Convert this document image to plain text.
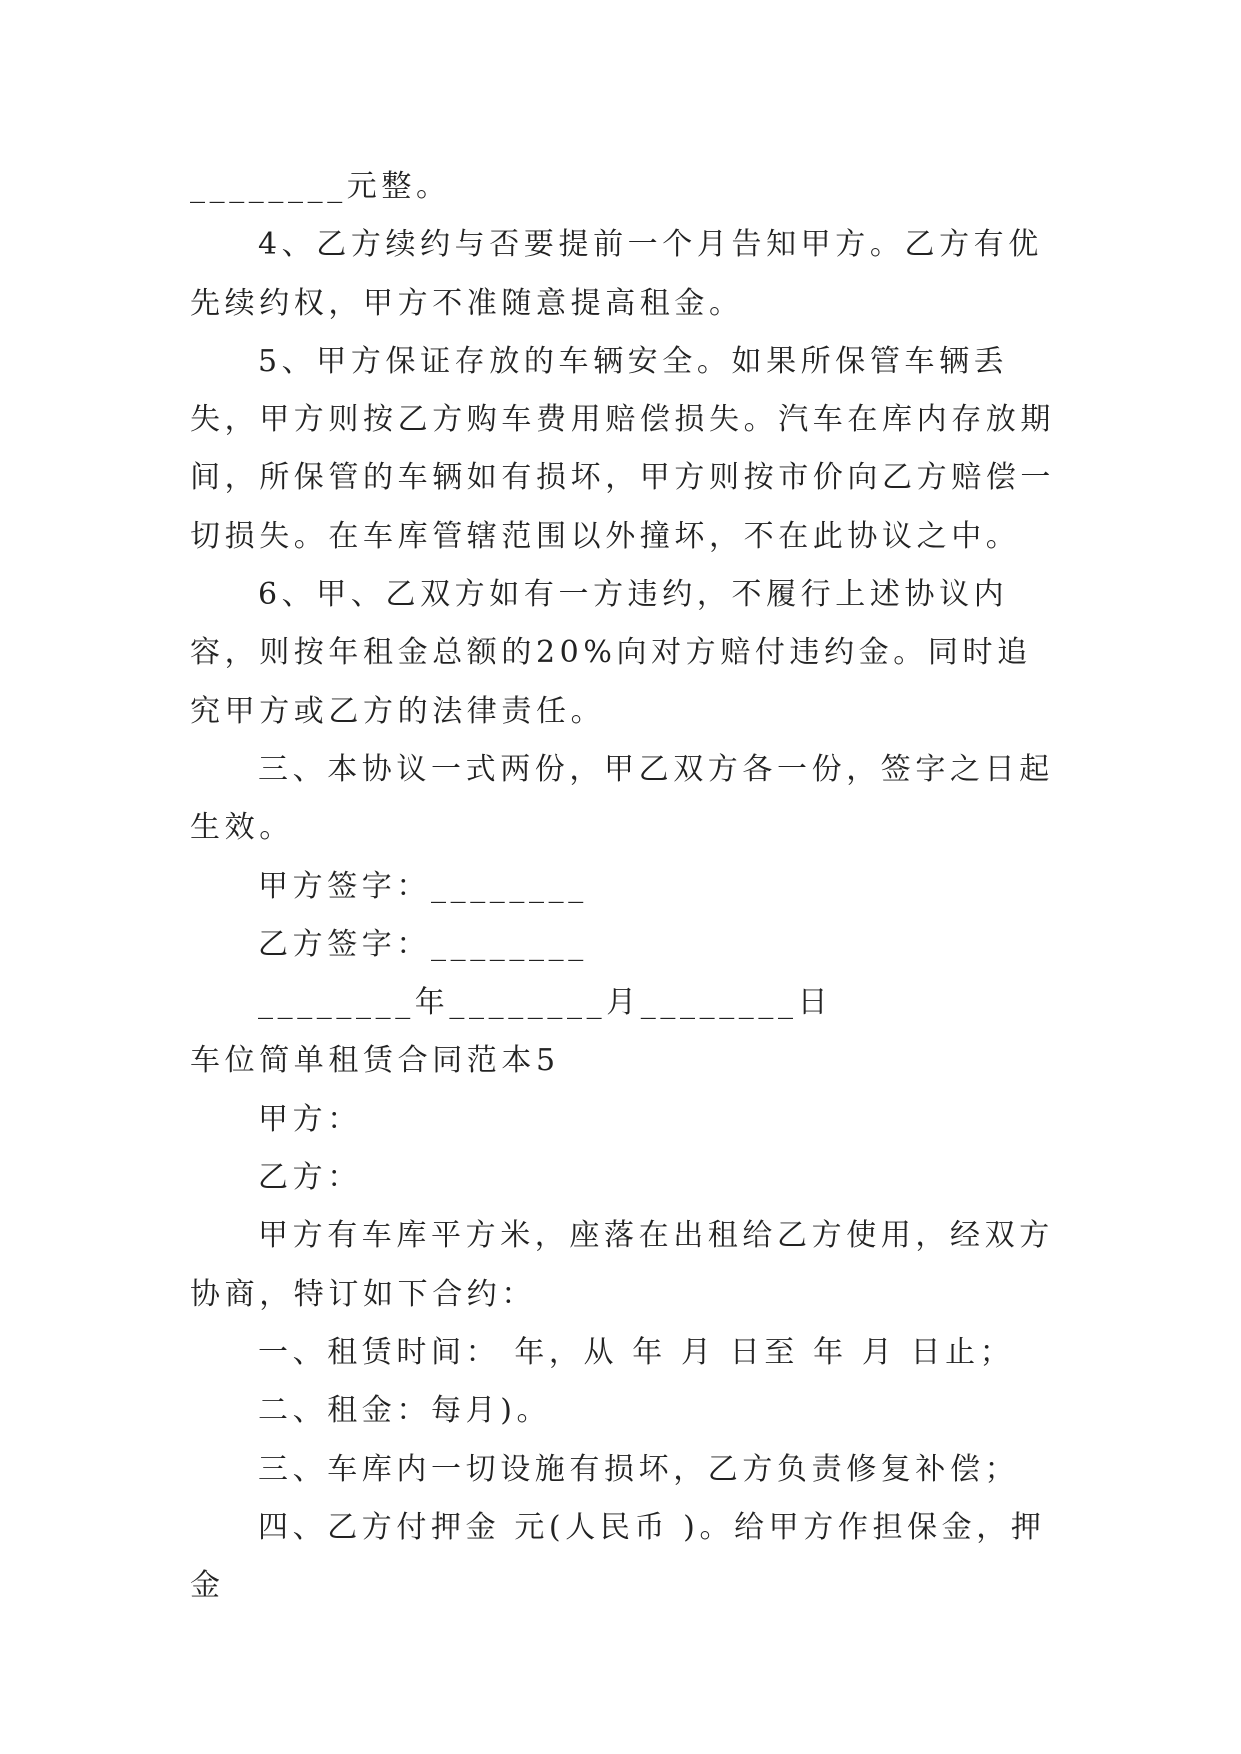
________元整。

4、乙方续约与否要提前一个月告知甲方。乙方有优先续约权，甲方不准随意提高租金。

5、甲方保证存放的车辆安全。如果所保管车辆丢失，甲方则按乙方购车费用赔偿损失。汽车在库内存放期间，所保管的车辆如有损坏，甲方则按市价向乙方赔偿一切损失。在车库管辖范围以外撞坏，不在此协议之中。

6、甲、乙双方如有一方违约，不履行上述协议内容，则按年租金总额的20%向对方赔付违约金。同时追究甲方或乙方的法律责任。

三、本协议一式两份，甲乙双方各一份，签字之日起生效。

甲方签字：________

乙方签字：________

________年________月________日

车位简单租赁合同范本5

甲方：

乙方：

甲方有车库平方米，座落在出租给乙方使用，经双方协商，特订如下合约：

一、租赁时间： 年，从 年 月 日至 年 月 日止；

二、租金：每月)。

三、车库内一切设施有损坏，乙方负责修复补偿；

四、乙方付押金 元(人民币 )。给甲方作担保金，押金
